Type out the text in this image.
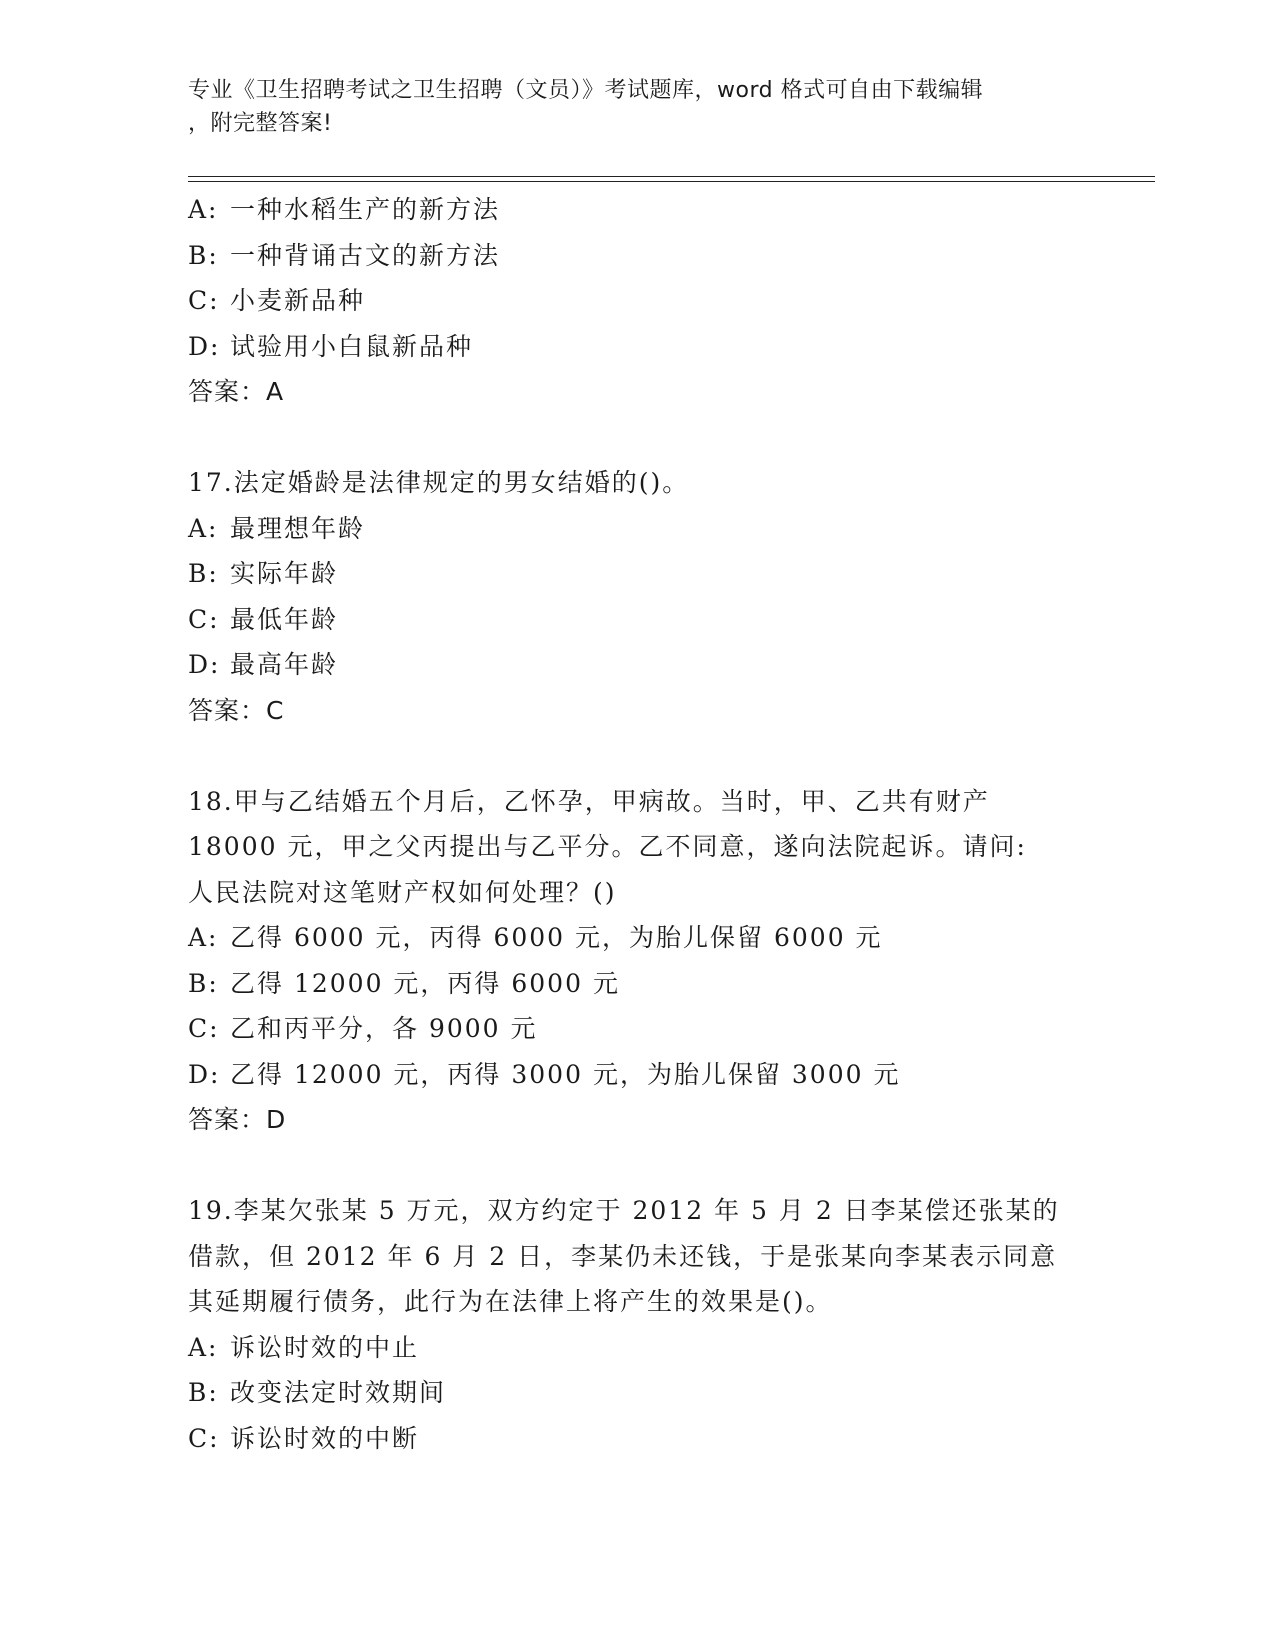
专业《卫生招聘考试之卫生招聘（文员）》考试题库，word 格式可自由下载编辑
，附完整答案!
A: 一种水稻生产的新方法
B: 一种背诵古文的新方法
C: 小麦新品种
D: 试验用小白鼠新品种
答案：A
17.法定婚龄是法律规定的男女结婚的()。
A: 最理想年龄
B: 实际年龄
C: 最低年龄
D: 最高年龄
答案：C
18.甲与乙结婚五个月后，乙怀孕，甲病故。当时，甲、乙共有财产
18000 元，甲之父丙提出与乙平分。乙不同意，遂向法院起诉。请问:
人民法院对这笔财产权如何处理？()
A: 乙得 6000 元，丙得 6000 元，为胎儿保留 6000 元
B: 乙得 12000 元，丙得 6000 元
C: 乙和丙平分，各 9000 元
D: 乙得 12000 元，丙得 3000 元，为胎儿保留 3000 元
答案：D
19.李某欠张某 5 万元，双方约定于 2012 年 5 月 2 日李某偿还张某的
借款，但 2012 年 6 月 2 日，李某仍未还钱，于是张某向李某表示同意
其延期履行债务，此行为在法律上将产生的效果是()。
A: 诉讼时效的中止
B: 改变法定时效期间
C: 诉讼时效的中断
